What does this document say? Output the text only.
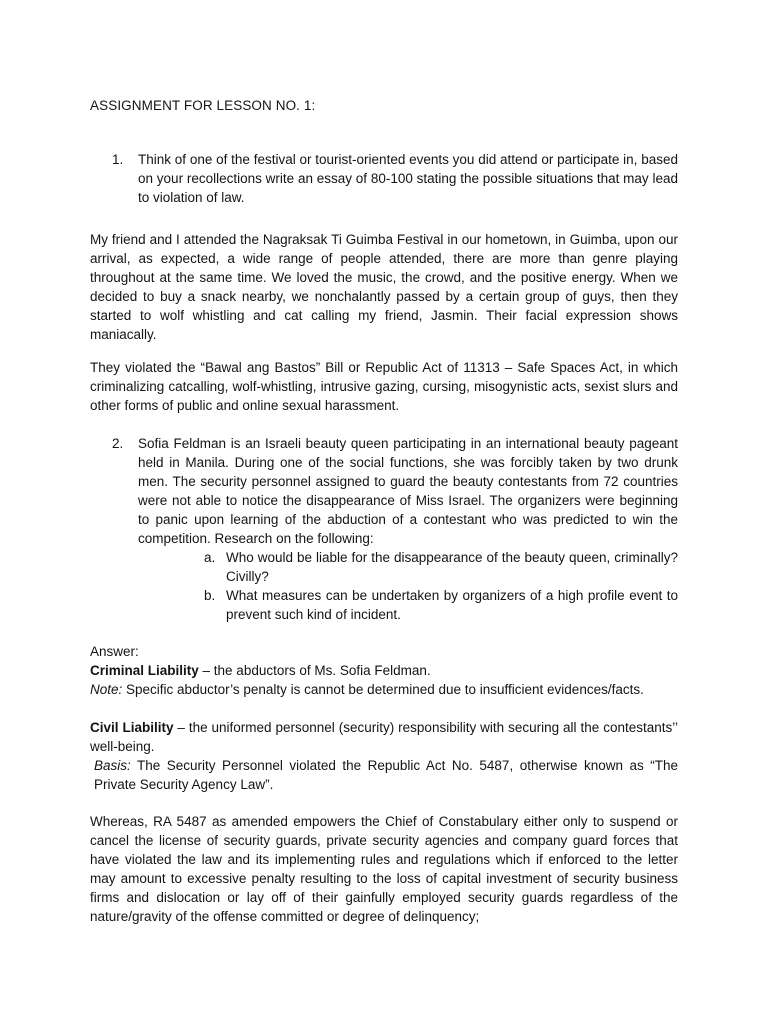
ASSIGNMENT FOR LESSON NO. 1:
1. Think of one of the festival or tourist-oriented events you did attend or participate in, based on your recollections write an essay of 80-100 stating the possible situations that may lead to violation of law.
My friend and I attended the Nagraksak Ti Guimba Festival in our hometown, in Guimba, upon our arrival, as expected, a wide range of people attended, there are more than genre playing throughout at the same time. We loved the music, the crowd, and the positive energy. When we decided to buy a snack nearby, we nonchalantly passed by a certain group of guys, then they started to wolf whistling and cat calling my friend, Jasmin. Their facial expression shows maniacally.
They violated the “Bawal ang Bastos” Bill or Republic Act of 11313 – Safe Spaces Act, in which criminalizing catcalling, wolf-whistling, intrusive gazing, cursing, misogynistic acts, sexist slurs and other forms of public and online sexual harassment.
2. Sofia Feldman is an Israeli beauty queen participating in an international beauty pageant held in Manila. During one of the social functions, she was forcibly taken by two drunk men. The security personnel assigned to guard the beauty contestants from 72 countries were not able to notice the disappearance of Miss Israel. The organizers were beginning to panic upon learning of the abduction of a contestant who was predicted to win the competition. Research on the following:
a. Who would be liable for the disappearance of the beauty queen, criminally? Civilly?
b. What measures can be undertaken by organizers of a high profile event to prevent such kind of incident.
Answer:
Criminal Liability – the abductors of Ms. Sofia Feldman.
Note: Specific abductor’s penalty is cannot be determined due to insufficient evidences/facts.
Civil Liability – the uniformed personnel (security) responsibility with securing all the contestants’’ well-being.
Basis: The Security Personnel violated the Republic Act No. 5487, otherwise known as “The Private Security Agency Law”.
Whereas, RA 5487 as amended empowers the Chief of Constabulary either only to suspend or cancel the license of security guards, private security agencies and company guard forces that have violated the law and its implementing rules and regulations which if enforced to the letter may amount to excessive penalty resulting to the loss of capital investment of security business firms and dislocation or lay off of their gainfully employed security guards regardless of the nature/gravity of the offense committed or degree of delinquency;
